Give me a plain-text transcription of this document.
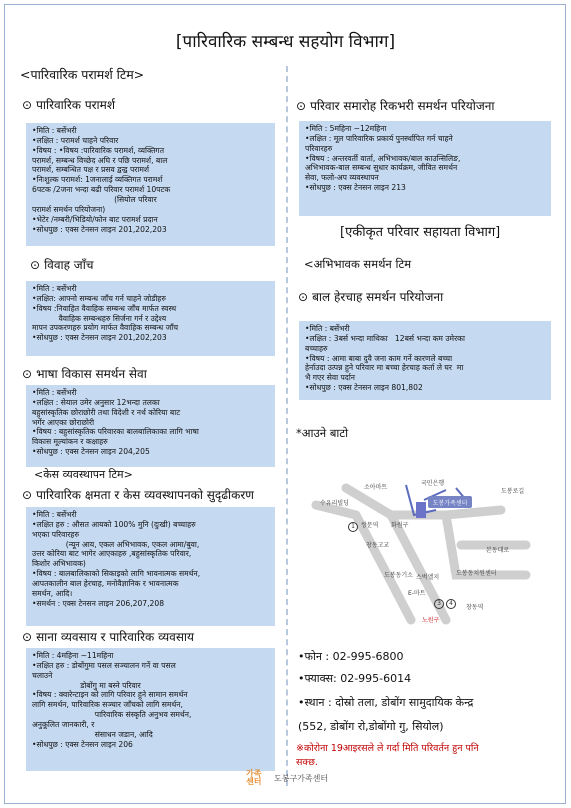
[पारिवारिक सम्बन्ध सहयोग विभाग]
<पारिवारिक परामर्श टिम>
⊙ पारिवारिक परामर्श
•मिति : बर्सेभरी
•लक्षित : परामर्श चाहने परिवार
•विषय : •विषय :पारिवारिक परामर्श, व्यक्तिगत
परामर्श, सम्बन्ध विच्छेद अघि र पछि परामर्श, बाल
परामर्श, सम्बन्धित पक्ष र प्रसव द्वन्द्व परामर्श
•निःशुल्क परामर्श: 1जनालाई व्यक्तिगत परामर्श
6पटक /2जना भन्दा बढी परिवार परामर्श 10पटक
(सियोल परिवार
परामर्श समर्थन परियोजना)
•भेटेर /नम्बरी/भिडियो/फोन बाट परामर्श प्रदान
•सोधपुछ : एक्स टेनसन लाइन 201,202,203
⊙ विवाह जाँच
•मिति : बर्सेभरी
•लक्षित: आफ्नो सम्बन्ध जाँच गर्न चाहने जोडीहरु
•विषय :निवाहित वैवाहिक सम्बन्ध जाँच मार्फत स्वस्थ
वैवाहिक सम्बन्धहरु सिर्जना गर्न र उद्देश्य
मापन उपकरणहरु प्रयोग मार्फत वैवाहिक सम्बन्ध जाँच
•सोधपुछ : एक्स टेनसन लाइन 201,202,203
⊙ भाषा विकास समर्थन सेवा
•मिति : बर्सेभरी
•लक्षित : सेयाल उमेर अनुसार 12भन्दा तलका
बहुसांस्कृतिक छोराछोरी तथा विदेशी र नर्थ कोरिया बाट
भर्गेर आएका छोराछोरी
•विषय : बहुसांस्कृतिक परिवारका बालबालिकाका लागि भाषा
विकास मूल्यांकन र कक्षाहरु
•सोधपुछ : एक्स टेनसन लाइन 204,205
<केस व्यवस्थापन टिम>
⊙ पारिवारिक क्षमता र केस व्यवस्थापनको सुदृढीकरण
•मिति : बर्सेभरी
•लक्षित हरु : औसत आयको 100% मुनि (दुःखी) बच्चाहरु
भएका परिवारहरु
(न्यून आय, एकल अभिभावक, एकल आमा/बुवा,
उत्तर कोरिया बाट भागेर आएकाहरु ,बहुसांस्कृतिक परिवार,
किशोर अभिभावक)
•विषय : बालबालिकाको सिकाइको लागि भावनात्मक समर्थन,
आपतकालीन बाल हेरचाह, मनोवैज्ञानिक र भावनात्मक
समर्थन, आदि।
•समर्थन : एक्स टेनसन लाइन 206,207,208
⊙ साना व्यवसाय र पारिवारिक व्यवसाय
•मिति : 4महिना ~11महिना
•लक्षित हरु : डोबोंगुमा पसल सञ्चालन गर्ने वा पसल
चलाउने
डोबोंगु मा बस्ने परिवार
•विषय : क्वारेन्टाइन को लागि परिवार हुने सामान समर्थन
लागि समर्थन, पारिवारिक सञ्चार जाँचको लागि समर्थन,
पारिवारिक संस्कृति अनुभव समर्थन,
अनुकूलित जानकारी, र
संसाधन जडान, आदि
•सोधपुछ : एक्स टेनसन लाइन 206
⊙ परिवार समारोह रिकभरी समर्थन परियोजना
•मिति : 5महिना ~12महिना
•लक्षित : मूल पारिवारिक प्रकार्य पुनर्स्थापित गर्न चाहने
परिवारहरु
•विषय : अन्तरवर्ती वार्ता, अभिभावक/बाल काउन्सिलिङ,
अभिभावक-बाल सम्बन्ध सुधार कार्यक्रम, जीवित समर्थन
सेवा, फलो-अप व्यवस्थापन
•सोधपुछ : एक्स टेनसन लाइन 213
[एकीकृत परिवार सहायता विभाग]
<अभिभावक समर्थन टिम
⊙ बाल हेरचाह समर्थन परियोजना
•मिति : बर्सेभरी
•लक्षित : 3बर्स भन्दा माथिका   12बर्स भन्दा कम उमेरका
बच्चाहरु
•विषय : आमा बाबा दुवै जना काम गर्ने कारणले बच्चा
हेर्नाउदा उत्पन्न हुने परिवार मा बच्चा हेरचाह कर्ता ले घर  मा
भै गएर सेवा पर्दान
•सोधपुछ : एक्स टेनसन लाइन 801,802
*आउने बाटो
도봉가족센터
소아마트
국민은행
도봉로길
수유리빌딩
쌍문역
창동고교
화원구
도봉동기소	도봉동치원센터
E-마트
창동역
노원구
본동대로
스벅엘지
1
3	4
•फोन : 02-995-6800
•फ्याक्स: 02-995-6014
•स्थान : दोस्रो तला, डोबोंग सामुदायिक केन्द्र
(552, डोबोंग रो,डोबोंगो गु, सियोल)
※कोरोना 19आइरसले ले गर्दा मिति परिवर्तन हुन पनि
सक्छ.
가족센터	도봉구가족센터
